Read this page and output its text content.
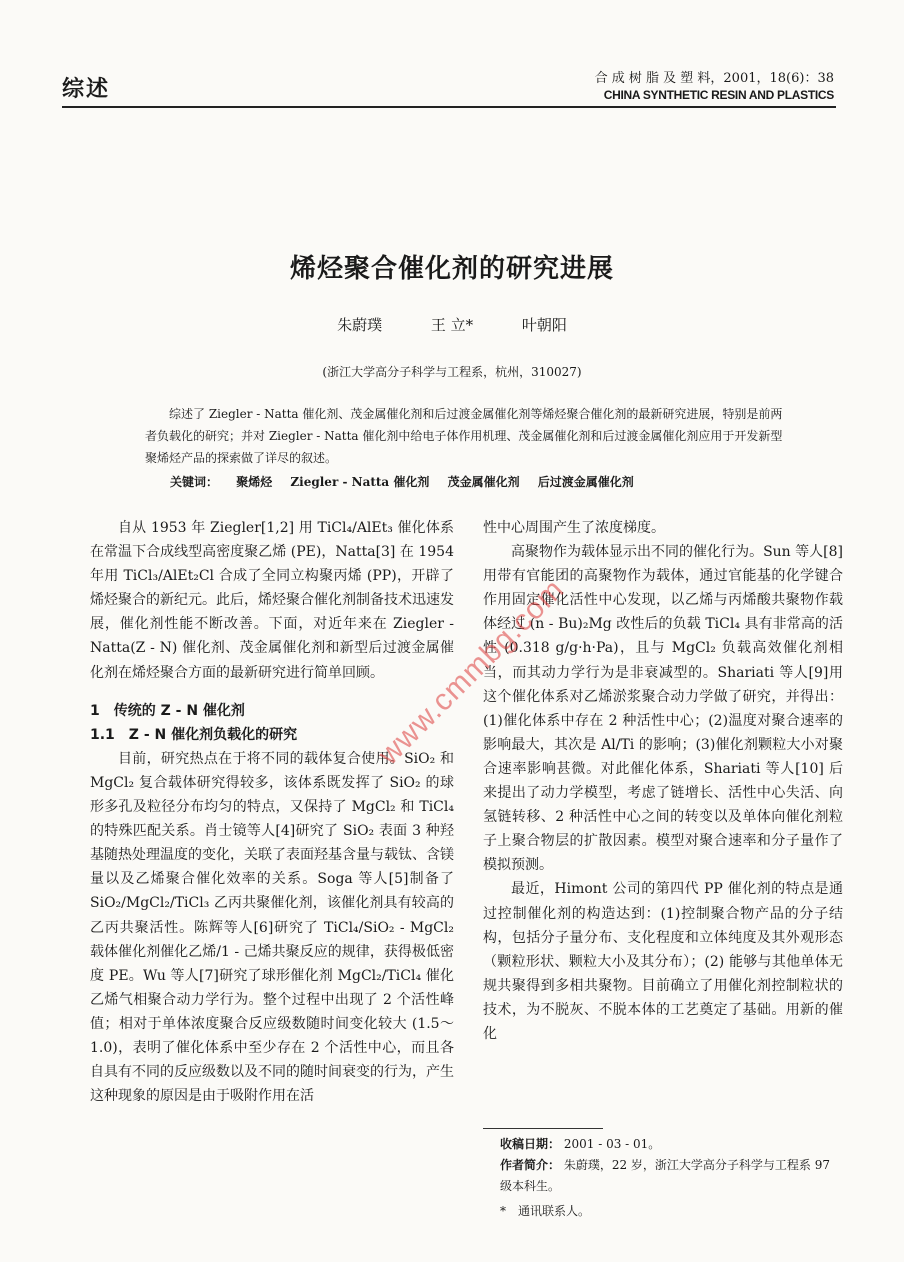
综述	合 成 树 脂 及 塑 料，2001，18(6)：38
CHINA SYNTHETIC RESIN AND PLASTICS
烯烃聚合催化剂的研究进展
朱蔚璞	王 立*	叶朝阳
(浙江大学高分子科学与工程系，杭州，310027)
综述了 Ziegler - Natta 催化剂、茂金属催化剂和后过渡金属催化剂等烯烃聚合催化剂的最新研究进展，特别是前两者负载化的研究；并对 Ziegler - Natta 催化剂中给电子体作用机理、茂金属催化剂和后过渡金属催化剂应用于开发新型聚烯烃产品的探索做了详尽的叙述。
关键词： 聚烯烃 Ziegler - Natta 催化剂 茂金属催化剂 后过渡金属催化剂

自从 1953 年 Ziegler[1,2] 用 TiCl₄/AlEt₃ 催化体系在常温下合成线型高密度聚乙烯 (PE)，Natta[3] 在 1954 年用 TiCl₃/AlEt₂Cl 合成了全同立构聚丙烯 (PP)，开辟了烯烃聚合的新纪元。此后，烯烃聚合催化剂制备技术迅速发展，催化剂性能不断改善。下面，对近年来在 Ziegler - Natta(Z - N) 催化剂、茂金属催化剂和新型后过渡金属催化剂在烯烃聚合方面的最新研究进行简单回顾。

1　传统的 Z - N 催化剂

1.1　Z - N 催化剂负载化的研究

目前，研究热点在于将不同的载体复合使用。SiO₂ 和 MgCl₂ 复合载体研究得较多，该体系既发挥了 SiO₂ 的球形多孔及粒径分布均匀的特点，又保持了 MgCl₂ 和 TiCl₄ 的特殊匹配关系。肖士镜等人[4]研究了 SiO₂ 表面 3 种羟基随热处理温度的变化，关联了表面羟基含量与载钛、含镁量以及乙烯聚合催化效率的关系。Soga 等人[5]制备了 SiO₂/MgCl₂/TiCl₃ 乙丙共聚催化剂，该催化剂具有较高的乙丙共聚活性。陈辉等人[6]研究了 TiCl₄/SiO₂ - MgCl₂ 载体催化剂催化乙烯/1 - 己烯共聚反应的规律，获得极低密度 PE。Wu 等人[7]研究了球形催化剂 MgCl₂/TiCl₄ 催化乙烯气相聚合动力学行为。整个过程中出现了 2 个活性峰值；相对于单体浓度聚合反应级数随时间变化较大 (1.5～1.0)，表明了催化体系中至少存在 2 个活性中心，而且各自具有不同的反应级数以及不同的随时间衰变的行为，产生这种现象的原因是由于吸附作用在活

性中心周围产生了浓度梯度。

高聚物作为载体显示出不同的催化行为。Sun 等人[8] 用带有官能团的高聚物作为载体，通过官能基的化学键合作用固定催化活性中心发现，以乙烯与丙烯酸共聚物作载体经过 (n - Bu)₂Mg 改性后的负载 TiCl₄ 具有非常高的活性 (0.318 g/g·h·Pa)，且与 MgCl₂ 负载高效催化剂相当，而其动力学行为是非衰减型的。Shariati 等人[9]用这个催化体系对乙烯淤浆聚合动力学做了研究，并得出：(1)催化体系中存在 2 种活性中心；(2)温度对聚合速率的影响最大，其次是 Al/Ti 的影响；(3)催化剂颗粒大小对聚合速率影响甚微。对此催化体系，Shariati 等人[10] 后来提出了动力学模型，考虑了链增长、活性中心失活、向氢链转移、2 种活性中心之间的转变以及单体向催化剂粒子上聚合物层的扩散因素。模型对聚合速率和分子量作了模拟预测。

最近，Himont 公司的第四代 PP 催化剂的特点是通过控制催化剂的构造达到：(1)控制聚合物产品的分子结构，包括分子量分布、支化程度和立体纯度及其外观形态（颗粒形状、颗粒大小及其分布）；(2) 能够与其他单体无规共聚得到多相共聚物。目前确立了用催化剂控制粒状的技术，为不脱灰、不脱本体的工艺奠定了基础。用新的催化

收稿日期： 2001 - 03 - 01。
作者简介： 朱蔚璞，22 岁，浙江大学高分子科学与工程系 97 级本科生。
*　通讯联系人。
www.cmmbg.com
